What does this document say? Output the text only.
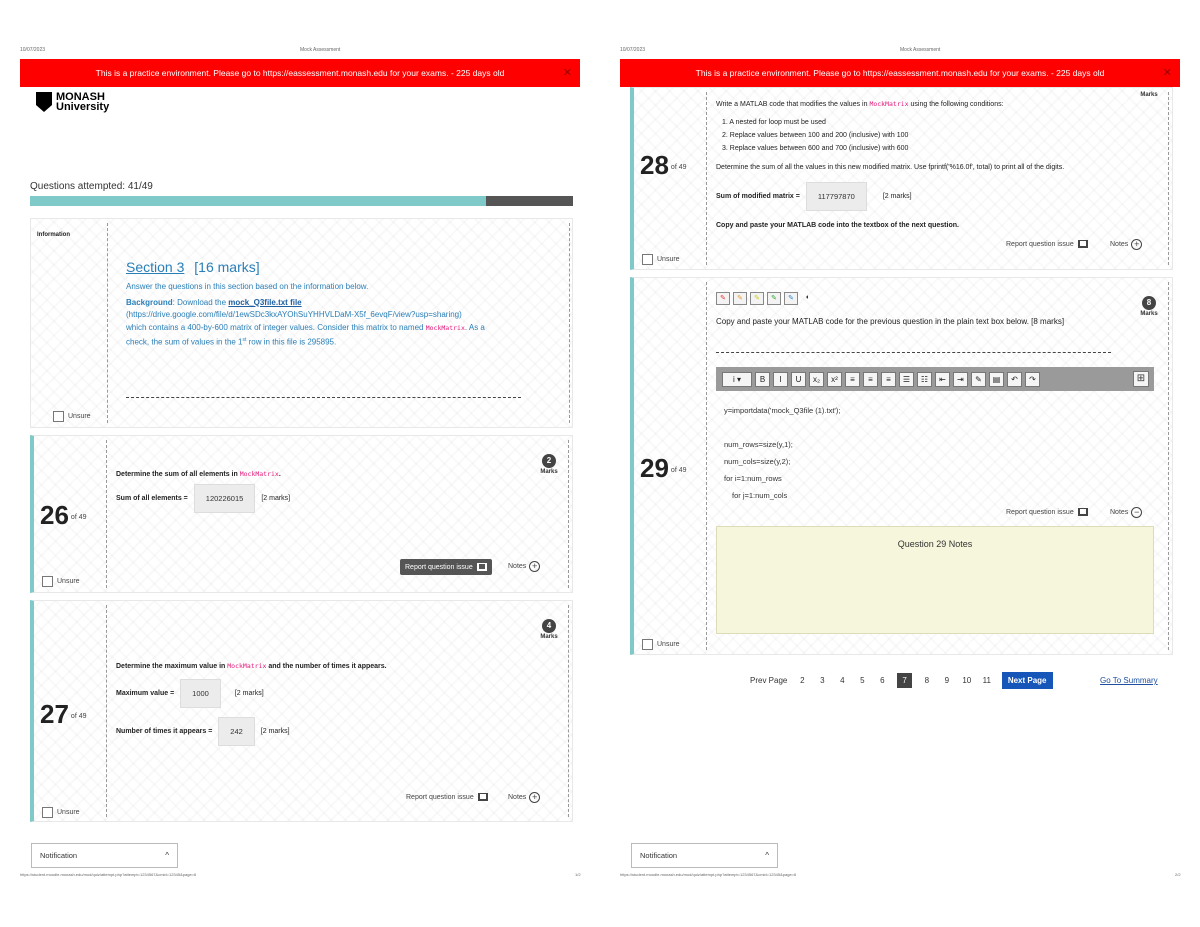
10/07/2023	Mock Assessment
This is a practice environment. Please go to https://eassessment.monash.edu for your exams. - 225 days old	✕
MONASH
University
Questions attempted: 41/49
Information
Section 3 [16 marks]
Answer the questions in this section based on the information below.
Background: Download the mock_Q3file.txt file
(https://drive.google.com/file/d/1ewSDc3kxAYOhSuYHHVLDaM-X5f_6evqF/view?usp=sharing)
which contains a 400-by-600 matrix of integer values. Consider this matrix to named MockMatrix. As a check, the sum of values in the 1st row in this file is 295895.
Unsure
26 of 49
2
Marks
Determine the sum of all elements in MockMatrix.
Sum of all elements =	120226015	[2 marks]
Report question issue	Notes +
Unsure
27 of 49
4
Marks
Determine the maximum value in MockMatrix and the number of times it appears.
Maximum value =	1000	[2 marks]
Number of times it appears =	242	[2 marks]
Report question issue	Notes +
Unsure
Notification	^
https://student.moodle.monash.edu/mod/quiz/attempt.php?attempt=1234567&cmid=12345&page=6	1/2
10/07/2023	Mock Assessment
This is a practice environment. Please go to https://eassessment.monash.edu for your exams. - 225 days old	✕
28 of 49
Marks
Write a MATLAB code that modifies the values in MockMatrix using the following conditions:
1. A nested for loop must be used
2. Replace values between 100 and 200 (inclusive) with 100
3. Replace values between 600 and 700 (inclusive) with 600
Determine the sum of all the values in this new modified matrix. Use fprintf('%16.0f', total) to print all of the digits.
Sum of modified matrix =	117797870	[2 marks]
Copy and paste your MATLAB code into the textbox of the next question.
Report question issue	Notes +
Unsure
29 of 49
✎	✎	✎	✎	✎	◐
8
Marks
Copy and paste your MATLAB code for the previous question in the plain text box below. [8 marks]
i ▾	B	I	U	x₂	x²	≡	≡	≡	☰	☷	⇤	⇥	✎	▤	↶	↷	⊞
y=importdata('mock_Q3file (1).txt');
num_rows=size(y,1);
num_cols=size(y,2);
for i=1:num_rows
for j=1:num_cols
Report question issue	Notes −
Question 29 Notes
Unsure
Prev Page	2	3	4	5	6	7	8	9	10 11	Next Page	Go To Summary
Notification	^
https://student.moodle.monash.edu/mod/quiz/attempt.php?attempt=1234567&cmid=12345&page=6	2/2
